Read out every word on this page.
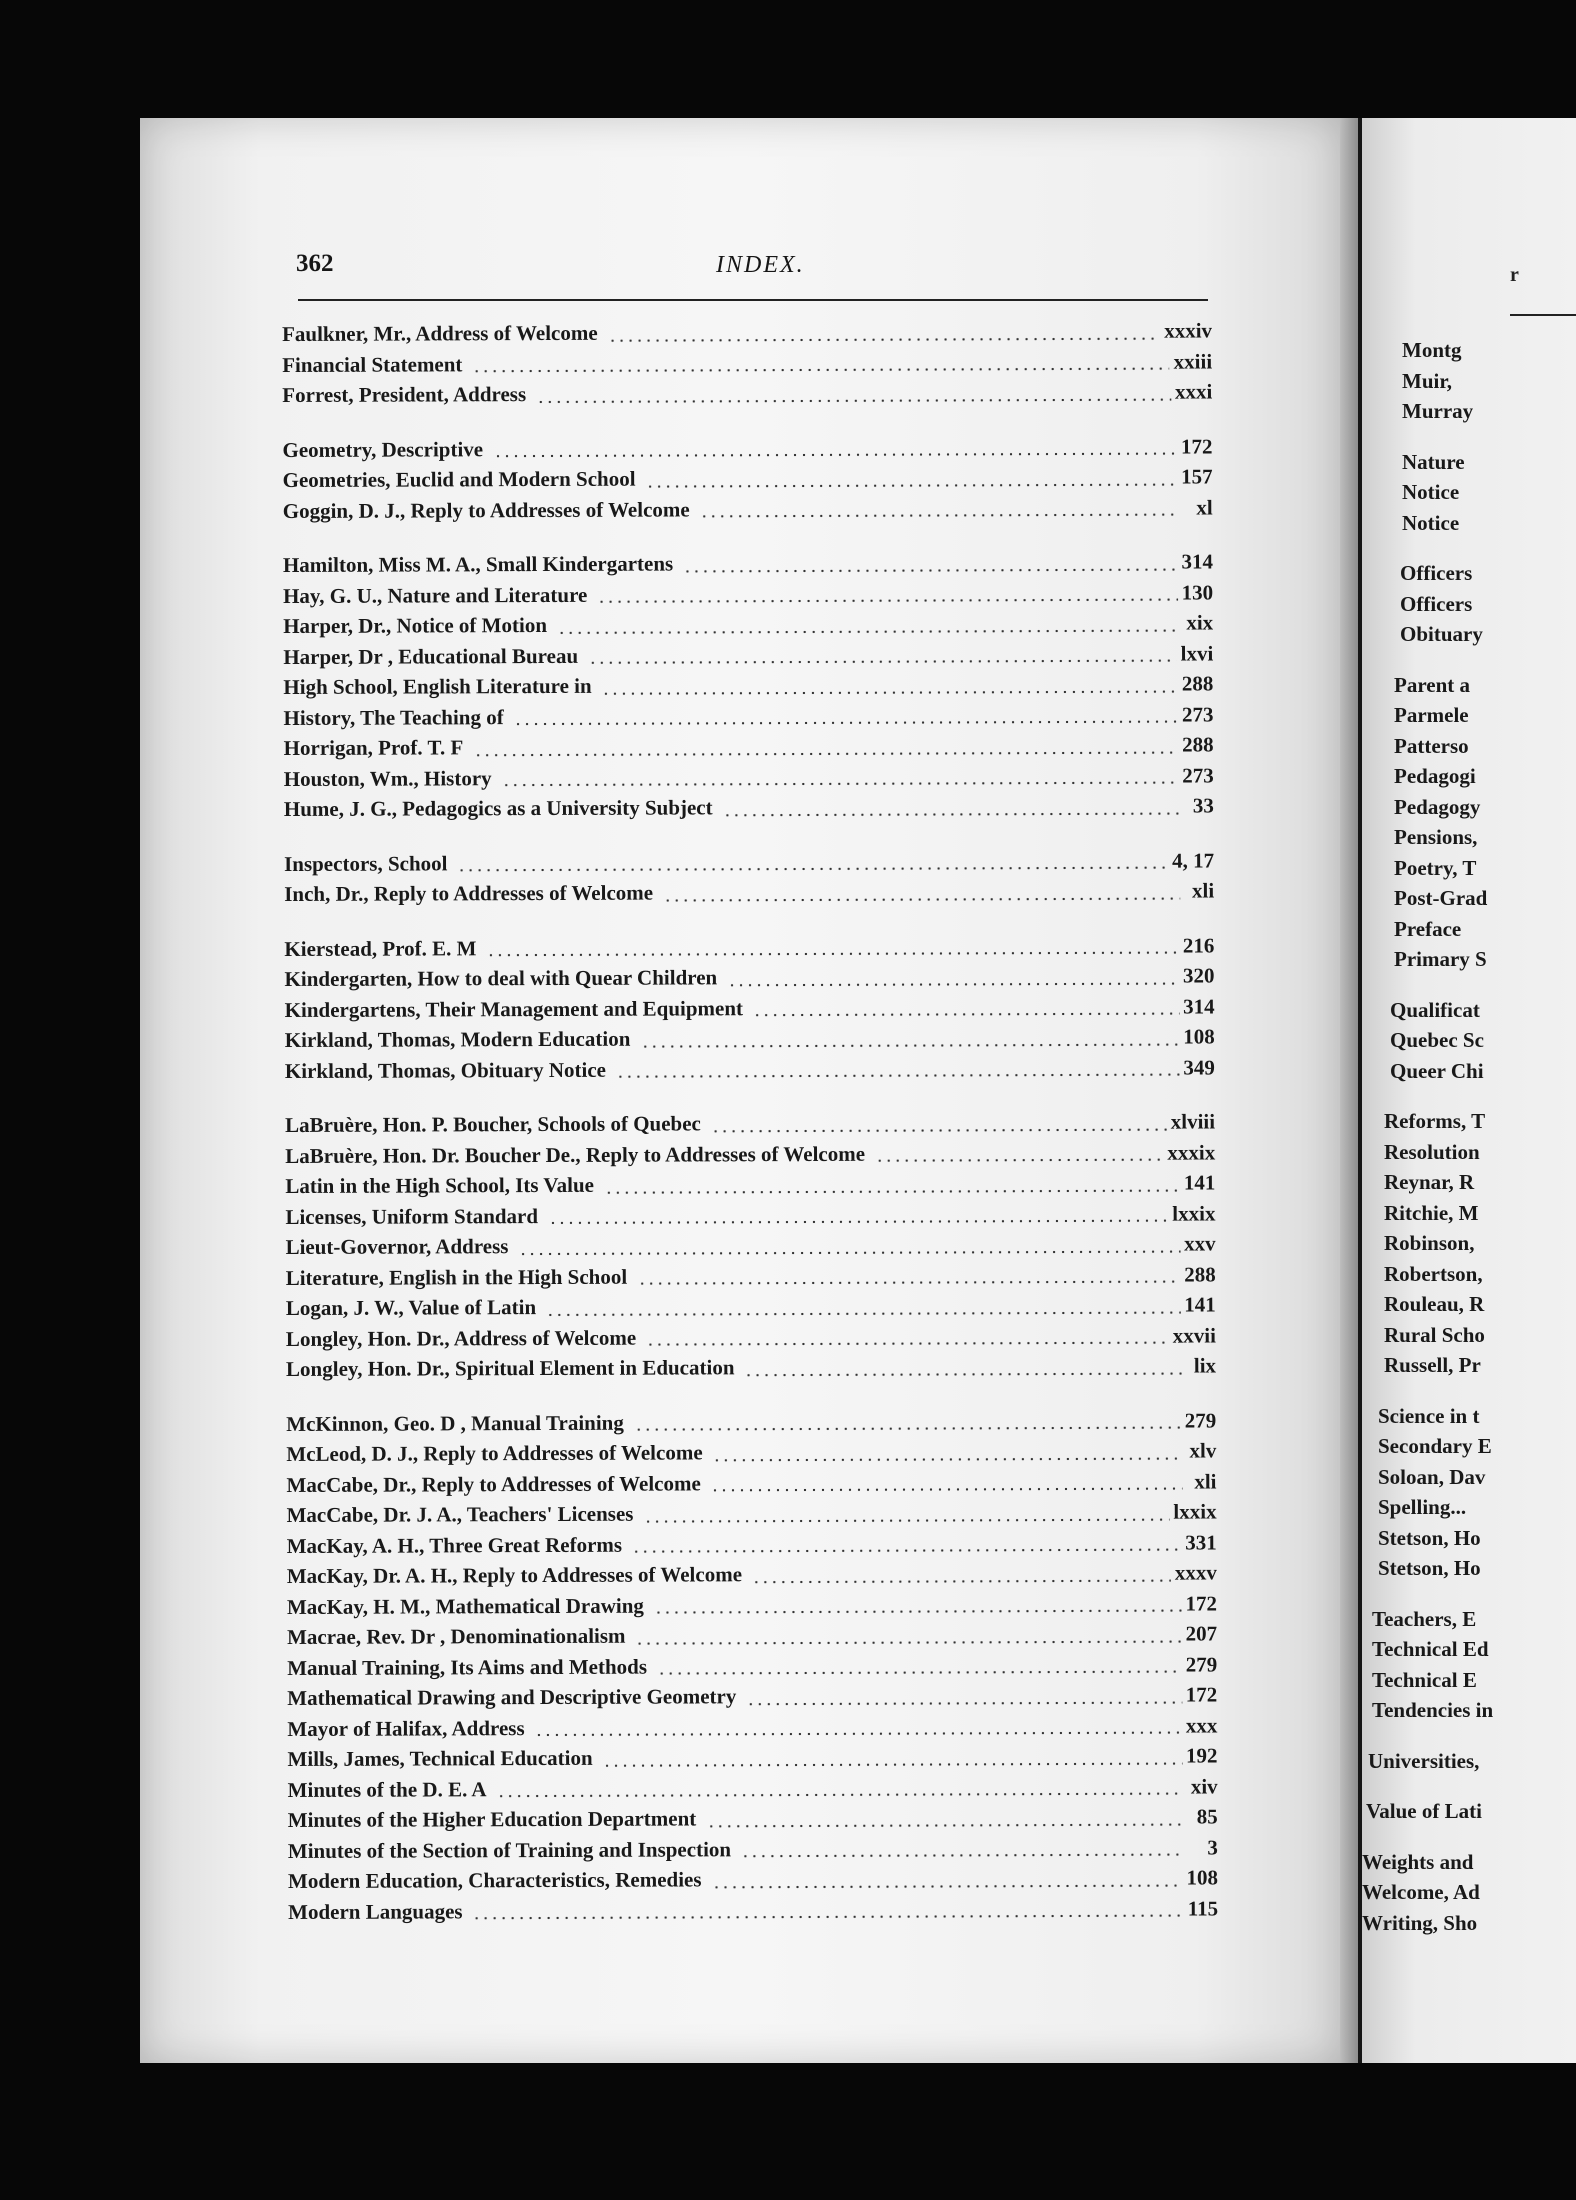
362	INDEX.
Faulkner, Mr., Address of Welcome	xxxiv
Financial Statement	xxiii
Forrest, President, Address	xxxi
Geometry, Descriptive	172
Geometries, Euclid and Modern School	157
Goggin, D. J., Reply to Addresses of Welcome	xl
Hamilton, Miss M. A., Small Kindergartens	314
Hay, G. U., Nature and Literature	130
Harper, Dr., Notice of Motion	xix
Harper, Dr , Educational Bureau	lxvi
High School, English Literature in	288
History, The Teaching of	273
Horrigan, Prof. T. F	288
Houston, Wm., History	273
Hume, J. G., Pedagogics as a University Subject	33
Inspectors, School	4, 17
Inch, Dr., Reply to Addresses of Welcome	xli
Kierstead, Prof. E. M	216
Kindergarten, How to deal with Quear Children	320
Kindergartens, Their Management and Equipment	314
Kirkland, Thomas, Modern Education	108
Kirkland, Thomas, Obituary Notice	349
LaBruère, Hon. P. Boucher, Schools of Quebec	xlviii
LaBruère, Hon. Dr. Boucher De., Reply to Addresses of Welcome	xxxix
Latin in the High School, Its Value	141
Licenses, Uniform Standard	lxxix
Lieut-Governor, Address	xxv
Literature, English in the High School	288
Logan, J. W., Value of Latin	141
Longley, Hon. Dr., Address of Welcome	xxvii
Longley, Hon. Dr., Spiritual Element in Education	lix
McKinnon, Geo. D , Manual Training	279
McLeod, D. J., Reply to Addresses of Welcome	xlv
MacCabe, Dr., Reply to Addresses of Welcome	xli
MacCabe, Dr. J. A., Teachers' Licenses	lxxix
MacKay, A. H., Three Great Reforms	331
MacKay, Dr. A. H., Reply to Addresses of Welcome	xxxv
MacKay, H. M., Mathematical Drawing	172
Macrae, Rev. Dr , Denominationalism	207
Manual Training, Its Aims and Methods	279
Mathematical Drawing and Descriptive Geometry	172
Mayor of Halifax, Address	xxx
Mills, James, Technical Education	192
Minutes of the D. E. A	xiv
Minutes of the Higher Education Department	85
Minutes of the Section of Training and Inspection	3
Modern Education, Characteristics, Remedies	108
Modern Languages	115
r
Montg
Muir,
Murray
Nature
Notice
Notice
Officers
Officers
Obituary
Parent a
Parmele
Patterso
Pedagogi
Pedagogy
Pensions,
Poetry, T
Post-Grad
Preface
Primary S
Qualificat
Quebec Sc
Queer Chi
Reforms, T
Resolution
Reynar, R
Ritchie, M
Robinson,
Robertson,
Rouleau, R
Rural Scho
Russell, Pr
Science in t
Secondary E
Soloan, Dav
Spelling...
Stetson, Ho
Stetson, Ho
Teachers, E
Technical Ed
Technical E
Tendencies in
Universities,
Value of Lati
Weights and
Welcome, Ad
Writing, Sho
